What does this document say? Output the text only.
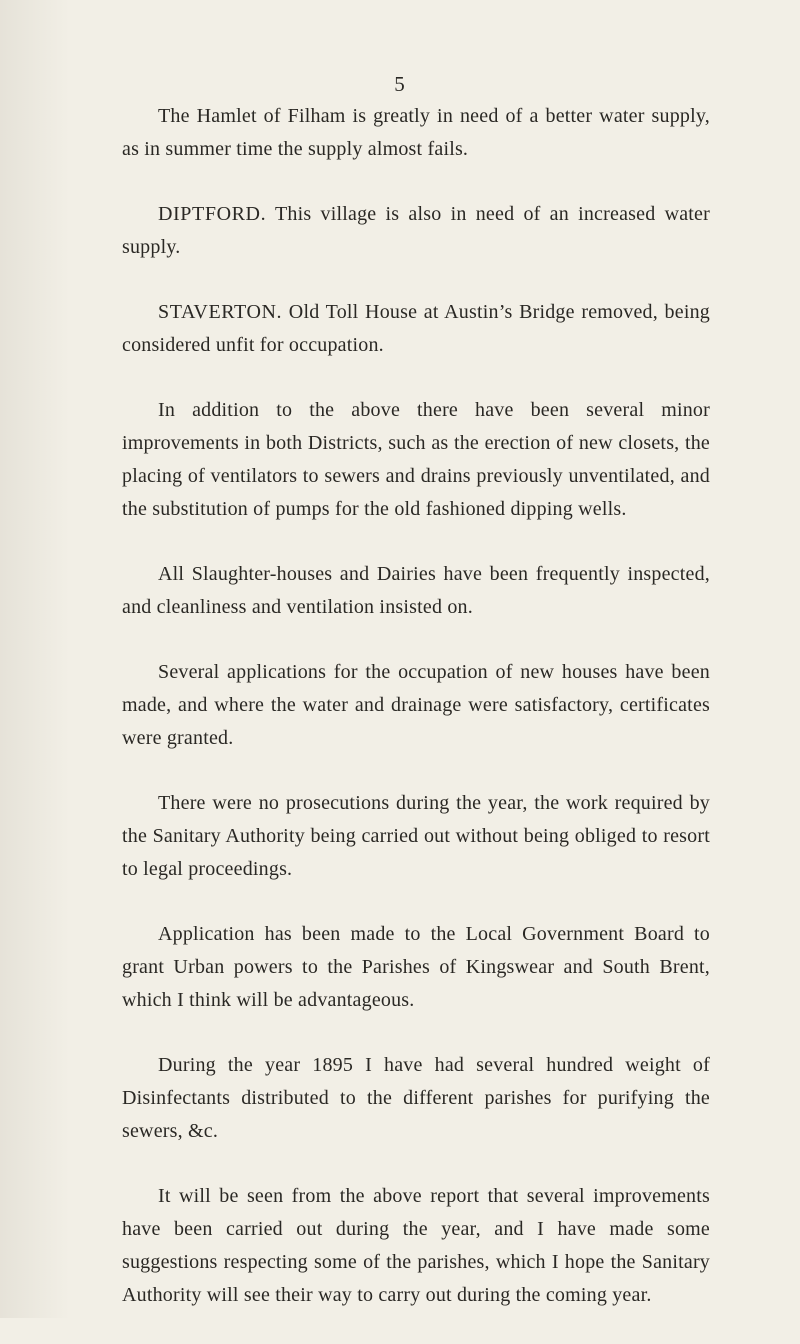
5

The Hamlet of Filham is greatly in need of a better water supply, as in summer time the supply almost fails.

DIPTFORD. This village is also in need of an increased water supply.

STAVERTON. Old Toll House at Austin’s Bridge removed, being considered unfit for occupation.

In addition to the above there have been several minor improvements in both Districts, such as the erection of new closets, the placing of ventilators to sewers and drains previously unventilated, and the substitution of pumps for the old fashioned dipping wells.

All Slaughter-houses and Dairies have been frequently inspected, and cleanliness and ventilation insisted on.

Several applications for the occupation of new houses have been made, and where the water and drainage were satisfactory, certificates were granted.

There were no prosecutions during the year, the work required by the Sanitary Authority being carried out without being obliged to resort to legal proceedings.

Application has been made to the Local Government Board to grant Urban powers to the Parishes of Kingswear and South Brent, which I think will be advantageous.

During the year 1895 I have had several hundred weight of Disinfectants distributed to the different parishes for purifying the sewers, &c.

It will be seen from the above report that several improvements have been carried out during the year, and I have made some suggestions respecting some of the parishes, which I hope the Sanitary Authority will see their way to carry out during the coming year.
